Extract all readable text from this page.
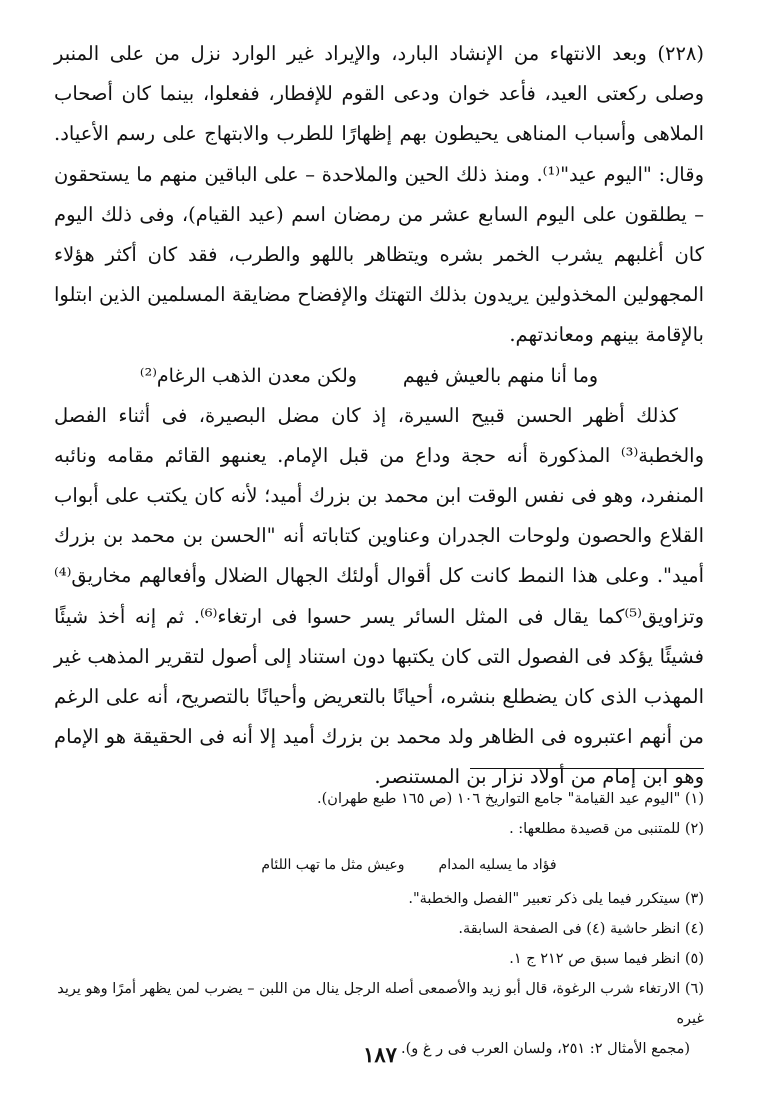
(٢٢٨) وبعد الانتهاء من الإنشاد البارد، والإيراد غير الوارد نزل من على المنبر وصلى ركعتى العيد، فأعد خوان ودعى القوم للإفطار، ففعلوا، بينما كان أصحاب الملاهى وأسباب المناهى يحيطون بهم إظهارًا للطرب والابتهاج على رسم الأعياد. وقال: "اليوم عيد"⁽¹⁾. ومنذ ذلك الحين والملاحدة – على الباقين منهم ما يستحقون – يطلقون على اليوم السابع عشر من رمضان اسم (عيد القيام)، وفى ذلك اليوم كان أغلبهم يشرب الخمر بشره ويتظاهر باللهو والطرب، فقد كان أكثر هؤلاء المجهولين المخذولين يريدون بذلك التهتك والإفضاح مضايقة المسلمين الذين ابتلوا بالإقامة بينهم ومعاندتهم.

وما أنا منهم بالعيش فيهم
ولكن معدن الذهب الرغام⁽²⁾

كذلك أظهر الحسن قبيح السيرة، إذ كان مضل البصيرة، فى أثناء الفصل والخطبة⁽³⁾ المذكورة أنه حجة وداع من قبل الإمام. يعنىهو القائم مقامه ونائبه المنفرد، وهو فى نفس الوقت ابن محمد بن بزرك أميد؛ لأنه كان يكتب على أبواب القلاع والحصون ولوحات الجدران وعناوين كتاباته أنه "الحسن بن محمد بن بزرك أميد". وعلى هذا النمط كانت كل أقوال أولئك الجهال الضلال وأفعالهم مخاريق⁽⁴⁾ وتزاويق⁽⁵⁾كما يقال فى المثل السائر يسر حسوا فى ارتغاء⁽⁶⁾. ثم إنه أخذ شيئًا فشيئًا يؤكد فى الفصول التى كان يكتبها دون استناد إلى أصول لتقرير المذهب غير المهذب الذى كان يضطلع بنشره، أحيانًا بالتعريض وأحيانًا بالتصريح، أنه على الرغم من أنهم اعتبروه فى الظاهر ولد محمد بن بزرك أميد إلا أنه فى الحقيقة هو الإمام وهو ابن إمام من أولاد نزار بن المستنصر.

(١) "اليوم عيد القيامة" جامع التواريخ ١٠٦ (ص ١٦٥ طبع طهران).

(٢) للمتنبى من قصيدة مطلعها: .

فؤاد ما يسليه المدام
وعيش مثل ما تهب اللئام

(٣) سيتكرر فيما يلى ذكر تعبير "الفصل والخطبة".

(٤) انظر حاشية (٤) فى الصفحة السابقة.

(٥) انظر فيما سبق ص ٢١٢ ج ١.

(٦) الارتغاء شرب الرغوة، قال أبو زيد والأصمعى أصله الرجل ينال من اللبن – يضرب لمن يظهر أمرًا وهو يريد غيره

(مجمع الأمثال ٢: ٢٥١، ولسان العرب فى ر غ و).

١٨٧
